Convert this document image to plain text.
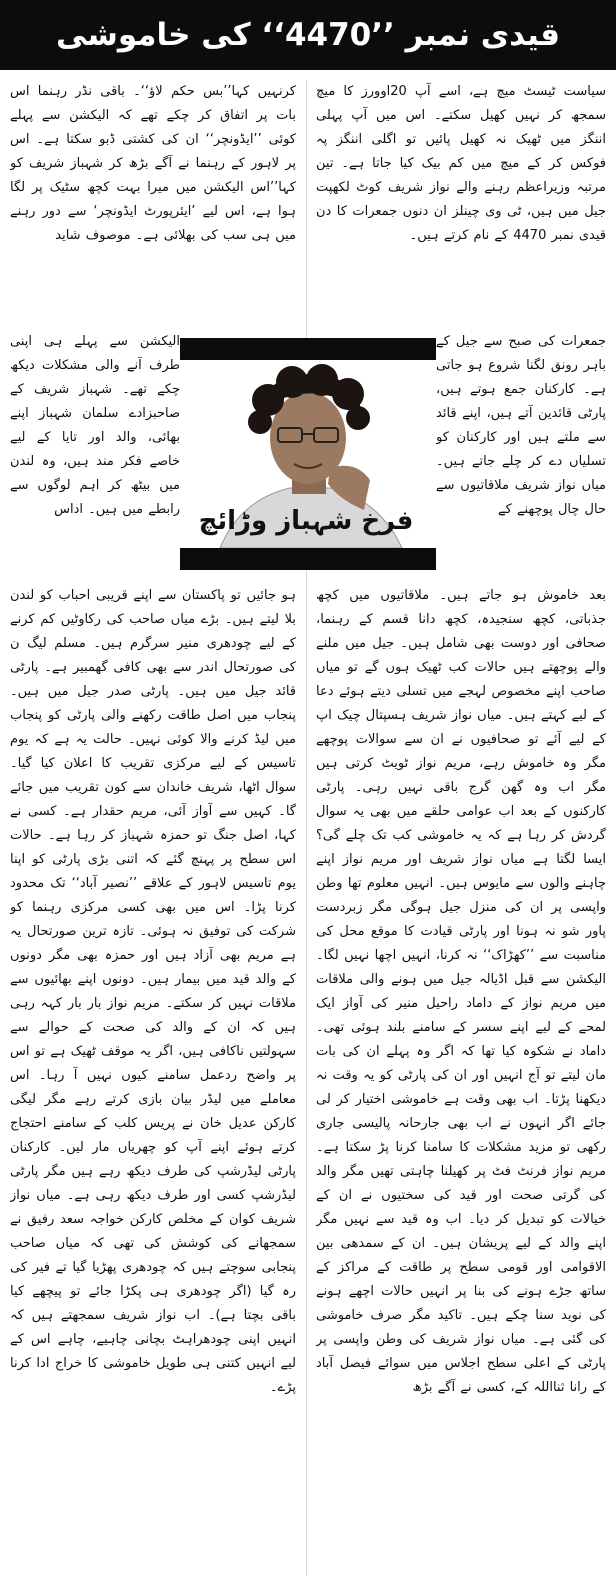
قیدی نمبر ’’4470‘‘ کی خاموشی

سیاست ٹیسٹ میچ ہے، اسے آپ 20اوورز کا میچ سمجھ کر نہیں کھیل سکتے۔ اس میں آپ پہلی اننگز میں ٹھیک نہ کھیل پائیں تو اگلی اننگز پہ فوکس کر کے میچ میں کم بیک کیا جاتا ہے۔ تین مرتبہ وزیراعظم رہنے والے نواز شریف کوٹ لکھپت جیل میں ہیں، ٹی وی چینلز ان دنوں جمعرات کا دن قیدی نمبر 4470 کے نام کرتے ہیں۔

کرنہیں کہا’’بس حکم لاؤ‘‘۔ باقی نڈر رہنما اس بات پر اتفاق کر چکے تھے کہ الیکشن سے پہلے کوئی ’’ایڈونچر‘‘ ان کی کشتی ڈبو سکتا ہے۔ اس پر لاہور کے رہنما نے آگے بڑھ کر شہباز شریف کو کہا’’اس الیکشن میں میرا بہت کچھ سٹیک پر لگا ہوا ہے، اس لیے ’ایئرپورٹ ایڈونچر‘ سے دور رہنے میں ہی سب کی بھلائی ہے۔ موصوف شاید

جمعرات کی صبح سے جیل کے باہر رونق لگنا شروع ہو جاتی ہے۔ کارکنان جمع ہوتے ہیں، پارٹی قائدین آتے ہیں، اپنے قائد سے ملتے ہیں اور کارکنان کو تسلیاں دے کر چلے جاتے ہیں۔ میاں نواز شریف ملاقاتیوں سے حال چال پوچھنے کے

الیکشن سے پہلے ہی اپنی طرف آنے والی مشکلات دیکھ چکے تھے۔ شہباز شریف کے صاحبزادے سلمان شہباز اپنے بھائی، والد اور تایا کے لیے خاصے فکر مند ہیں، وہ لندن میں بیٹھ کر اہم لوگوں سے رابطے میں ہیں۔ اداس فرخ شہباز وڑائچ

بعد خاموش ہو جاتے ہیں۔ ملاقاتیوں میں کچھ جذباتی، کچھ سنجیدہ، کچھ دانا قسم کے رہنما، صحافی اور دوست بھی شامل ہیں۔ جیل میں ملنے والے پوچھتے ہیں حالات کب ٹھیک ہوں گے تو میاں صاحب اپنے مخصوص لہجے میں تسلی دیتے ہوئے دعا کے لیے کہتے ہیں۔ میاں نواز شریف ہسپتال چیک اپ کے لیے آئے تو صحافیوں نے ان سے سوالات پوچھے مگر وہ خاموش رہے، مریم نواز ٹویٹ کرتی ہیں مگر اب وہ گھن گرج باقی نہیں رہی۔ پارٹی کارکنوں کے بعد اب عوامی حلقے میں بھی یہ سوال گردش کر رہا ہے کہ یہ خاموشی کب تک چلے گی؟ ایسا لگتا ہے میاں نواز شریف اور مریم نواز اپنے چاہنے والوں سے مایوس ہیں۔ انہیں معلوم تھا وطن واپسی پر ان کی منزل جیل ہوگی مگر زبردست پاور شو نہ ہونا اور پارٹی قیادت کا موقع محل کی مناسبت سے ’’کھڑاک‘‘ نہ کرنا، انہیں اچھا نہیں لگا۔ الیکشن سے قبل اڈیالہ جیل میں ہونے والی ملاقات میں مریم نواز کے داماد راحیل منیر کی آواز ایک لمحے کے لیے اپنے سسر کے سامنے بلند ہوئی تھی۔ داماد نے شکوہ کیا تھا کہ اگر وہ پہلے ان کی بات مان لیتے تو آج انہیں اور ان کی پارٹی کو یہ وقت نہ دیکھنا پڑتا۔ اب بھی وقت ہے خاموشی اختیار کر لی جائے اگر انہوں نے اب بھی جارحانہ پالیسی جاری رکھی تو مزید مشکلات کا سامنا کرنا پڑ سکتا ہے۔ مریم نواز فرنٹ فٹ پر کھیلنا چاہتی تھیں مگر والد کی گرتی صحت اور قید کی سختیوں نے ان کے خیالات کو تبدیل کر دیا۔ اب وہ قید سے نہیں مگر اپنے والد کے لیے پریشان ہیں۔ ان کے سمدھی بین الاقوامی اور قومی سطح پر طاقت کے مراکز کے ساتھ جڑے ہونے کی بنا پر انہیں حالات اچھے ہونے کی نوید سنا چکے ہیں۔ تاکید مگر صرف خاموشی کی گئی ہے۔ میاں نواز شریف کی وطن واپسی پر پارٹی کے اعلی سطح اجلاس میں سوائے فیصل آباد کے رانا ثنااللہ کے، کسی نے آگے بڑھ

ہو جائیں تو پاکستان سے اپنے قریبی احباب کو لندن بلا لیتے ہیں۔ بڑے میاں صاحب کی رکاوٹیں کم کرنے کے لیے چودھری منیر سرگرم ہیں۔ مسلم لیگ ن کی صورتحال اندر سے بھی کافی گھمبیر ہے۔ پارٹی قائد جیل میں ہیں۔ پارٹی صدر جیل میں ہیں۔ پنجاب میں اصل طاقت رکھنے والی پارٹی کو پنجاب میں لیڈ کرنے والا کوئی نہیں۔ حالت یہ ہے کہ یوم تاسیس کے لیے مرکزی تقریب کا اعلان کیا گیا۔ سوال اٹھا، شریف خاندان سے کون تقریب میں جائے گا۔ کہیں سے آواز آئی، مریم حقدار ہے۔ کسی نے کہا، اصل جنگ تو حمزہ شہباز کر رہا ہے۔ حالات اس سطح پر پہنچ گئے کہ اتنی بڑی پارٹی کو اپنا یوم تاسیس لاہور کے علاقے ’’نصیر آباد‘‘ تک محدود کرنا پڑا۔ اس میں بھی کسی مرکزی رہنما کو شرکت کی توفیق نہ ہوئی۔ تازہ ترین صورتحال یہ ہے مریم بھی آزاد ہیں اور حمزہ بھی مگر دونوں کے والد قید میں بیمار ہیں۔ دونوں اپنے بھائیوں سے ملاقات نہیں کر سکتے۔ مریم نواز بار بار کہہ رہی ہیں کہ ان کے والد کی صحت کے حوالے سے سہولتیں ناکافی ہیں، اگر یہ موقف ٹھیک ہے تو اس پر واضح ردعمل سامنے کیوں نہیں آ رہا۔ اس معاملے میں لیڈر بیان بازی کرتے رہے مگر لیگی کارکن عدیل خان نے پریس کلب کے سامنے احتجاج کرتے ہوئے اپنے آپ کو چھریاں مار لیں۔ کارکنان پارٹی لیڈرشپ کی طرف دیکھ رہے ہیں مگر پارٹی لیڈرشپ کسی اور طرف دیکھ رہی ہے۔ میاں نواز شریف کوان کے مخلص کارکن خواجہ سعد رفیق نے سمجھانے کی کوشش کی تھی کہ میاں صاحب پنجابی سوچتے ہیں کہ چودھری پھڑیا گیا تے فیر کی رہ گیا (اگر چودھری ہی پکڑا جائے تو پیچھے کیا باقی بچتا ہے)۔ اب نواز شریف سمجھتے ہیں کہ انہیں اپنی چودھراہٹ بچانی چاہیے، چاہے اس کے لیے انہیں کتنی ہی طویل خاموشی کا خراج ادا کرنا پڑے۔
